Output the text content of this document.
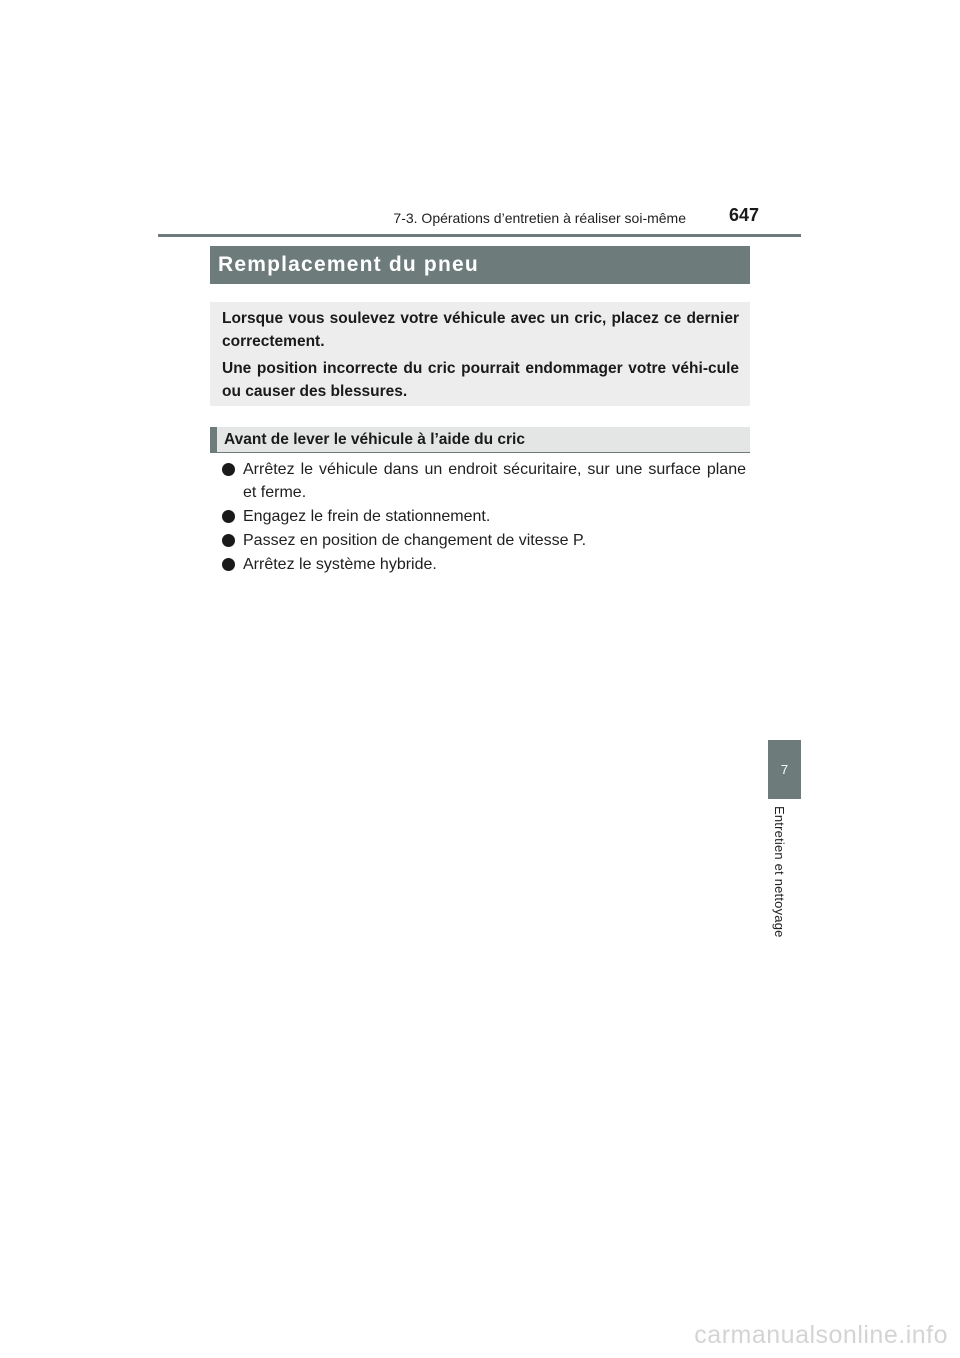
7-3. Opérations d’entretien à réaliser soi-même 647
Remplacement du pneu

Lorsque vous soulevez votre véhicule avec un cric, placez ce dernier correctement.

Une position incorrecte du cric pourrait endommager votre véhi-cule ou causer des blessures.

Avant de lever le véhicule à l’aide du cric
Arrêtez le véhicule dans un endroit sécuritaire, sur une surface plane et ferme.
Engagez le frein de stationnement.
Passez en position de changement de vitesse P.
Arrêtez le système hybride.
7
Entretien et nettoyage
carmanualsonline.info
